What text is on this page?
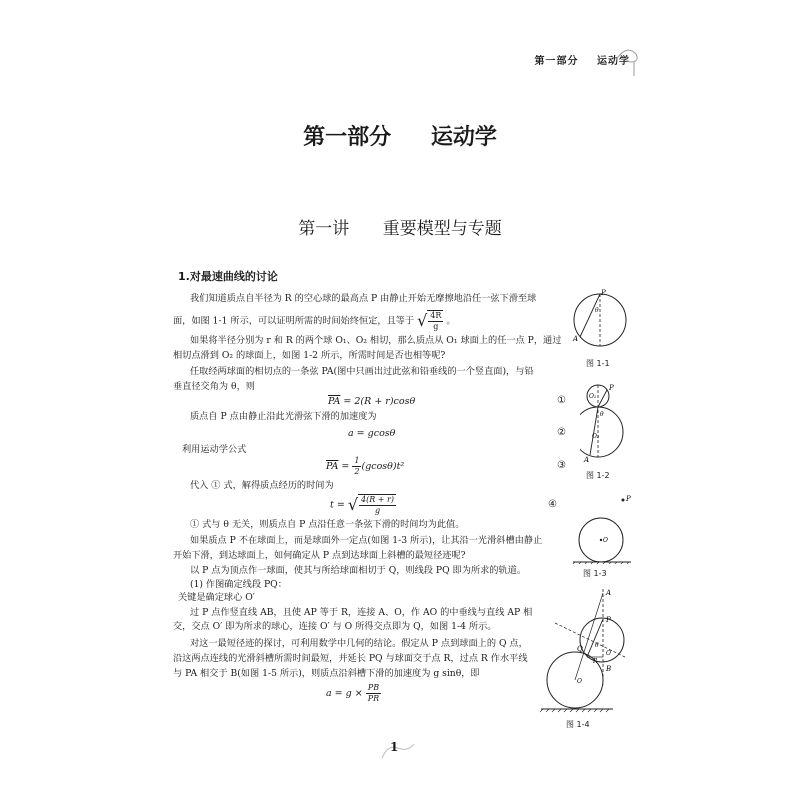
第一部分 运动学
第一部分 运动学
第一讲 重要模型与专题
1.对最速曲线的讨论
我们知道质点自半径为 R 的空心球的最高点 P 由静止开始无摩擦地沿任一弦下滑至球
面，如图 1-1 所示，可以证明所需的时间始终恒定，且等于 √ $\frac{4R}{g}$ 。
如果将半径分别为 r 和 R 的两个球 O₁、O₂ 相切，那么质点从 O₁ 球面上的任一点 P，通过
相切点滑到 O₂ 的球面上，如图 1-2 所示，所需时间是否也相等呢?
任取经两球面的相切点的一条弦 PA(图中只画出过此弦和铅垂线的一个竖直面)，与铅
垂直径交角为 θ，则
$\overline{PA} = 2(R + r)\cos\theta$	①
质点自 P 点由静止沿此光滑弦下滑的加速度为
a = gcosθ	②
利用运动学公式
$\overline{PA} = \frac{1}{2} (gcos\theta)t^2$	③
代入 ① 式，解得质点经历的时间为
t = √ $\frac{4(R + r)}{g}$	④
① 式与 θ 无关，则质点自 P 点沿任意一条弦下滑的时间均为此值。
如果质点 P 不在球面上，而是球面外一定点(如图 1-3 所示)，让其沿一光滑斜槽由静止
开始下滑，到达球面上，如何确定从 P 点到达球面上斜槽的最短径迹呢?
以 P 点为顶点作一球面，使其与所给球面相切于 Q，则线段 PQ 即为所求的轨道。
(1) 作图确定线段 PQ：
关键是确定球心 O′
过 P 点作竖直线 AB，且使 AP 等于 R，连接 A、O，作 AO 的中垂线与直线 AP 相
交，交点 O′ 即为所求的球心，连接 O′ 与 O 所得交点即为 Q，如图 1-4 所示。
对这一最短径迹的探讨，可利用数学中几何的结论。假定从 P 点到球面上的 Q 点，
沿这两点连线的光滑斜槽所需时间最短，并延长 PQ 与球面交于点 R，过点 R 作水平线
与 PA 相交于 B(如图 1-5 所示)，则质点沿斜槽下滑的加速度为 g sinθ，即
$a = g \times \frac{PB}{PR}$
P
A
θ
图 1-1
P
O₁
θ
O₂
A
图 1-2
P
O
图 1-3
A
P
O′
θ
R
Q
B
O
图 1-4
1
